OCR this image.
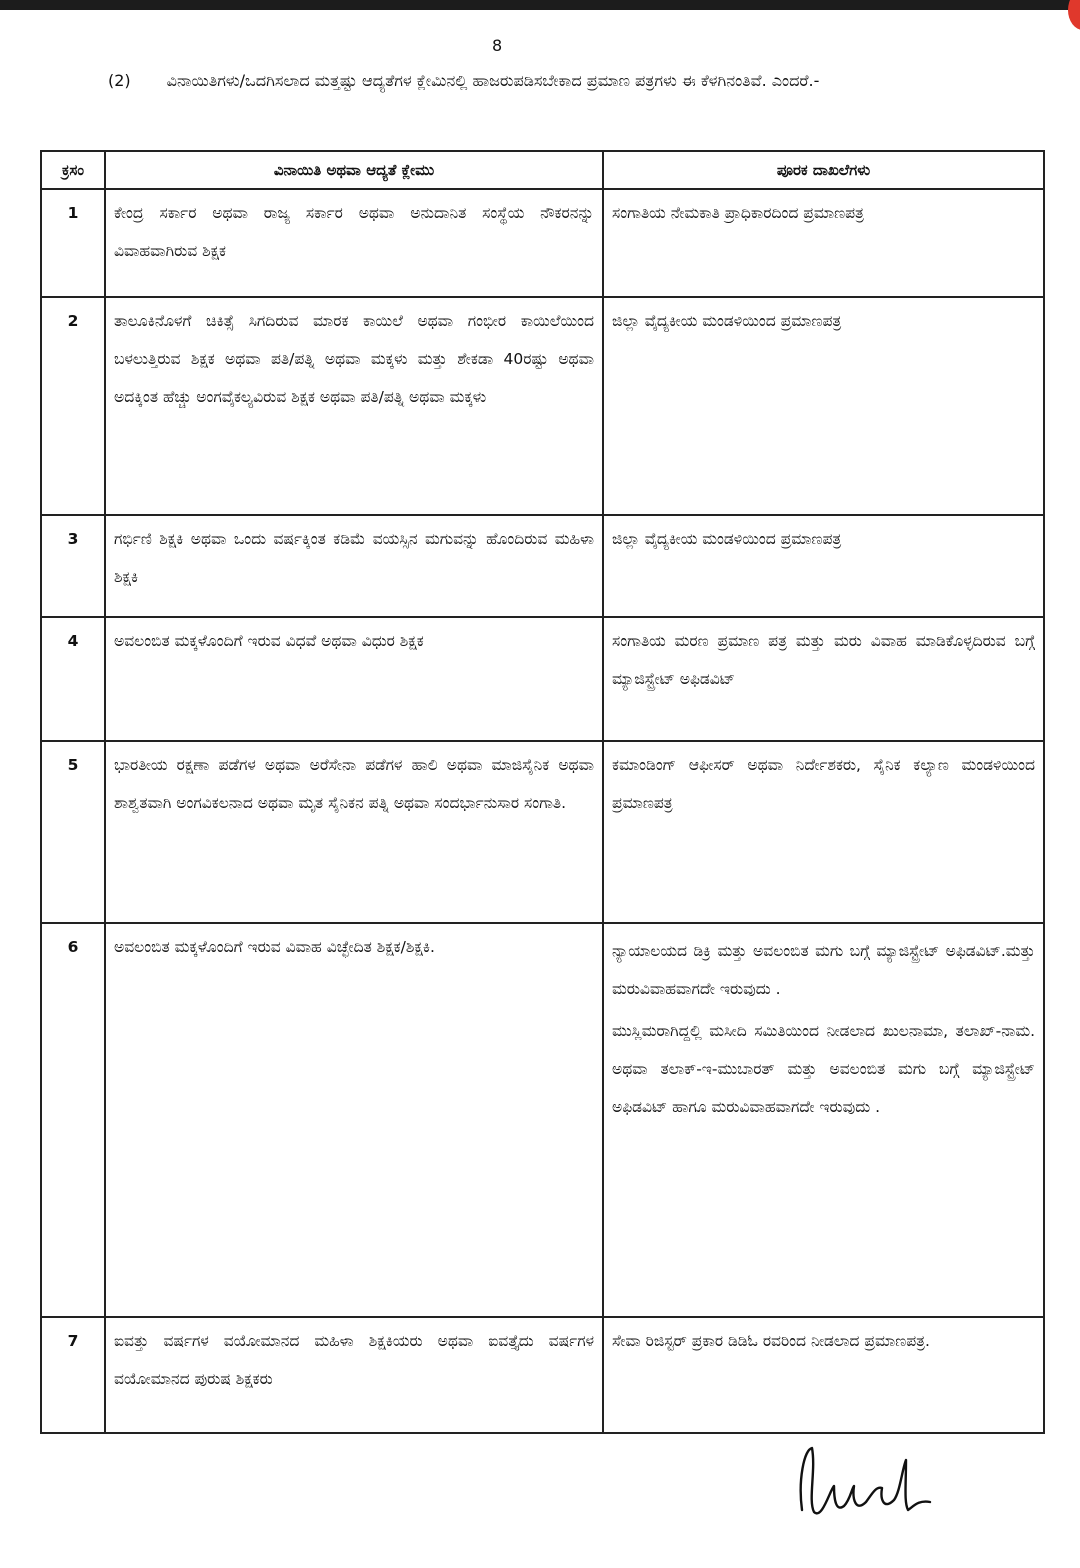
8
(2) ವಿನಾಯಿತಿಗಳು/ಒದಗಿಸಲಾದ ಮತ್ತಷ್ಟು ಆದ್ಯತೆಗಳ ಕ್ಲೇಮಿನಲ್ಲಿ ಹಾಜರುಪಡಿಸಬೇಕಾದ ಪ್ರಮಾಣ ಪತ್ರಗಳು ಈ ಕೆಳಗಿನಂತಿವೆ. ಎಂದರೆ.-
ಕ್ರಸಂ	ವಿನಾಯಿತಿ ಅಥವಾ ಆದ್ಯತೆ ಕ್ಲೇಮು	ಪೂರಕ ದಾಖಲೆಗಳು
1	ಕೇಂದ್ರ ಸರ್ಕಾರ ಅಥವಾ ರಾಜ್ಯ ಸರ್ಕಾರ ಅಥವಾ ಅನುದಾನಿತ ಸಂಸ್ಥೆಯ ನೌಕರನನ್ನು ವಿವಾಹವಾಗಿರುವ ಶಿಕ್ಷಕ	ಸಂಗಾತಿಯ ನೇಮಕಾತಿ ಪ್ರಾಧಿಕಾರದಿಂದ ಪ್ರಮಾಣಪತ್ರ
2	ತಾಲೂಕಿನೊಳಗೆ ಚಿಕಿತ್ಸೆ ಸಿಗದಿರುವ ಮಾರಕ ಕಾಯಿಲೆ ಅಥವಾ ಗಂಭೀರ ಕಾಯಿಲೆಯಿಂದ ಬಳಲುತ್ತಿರುವ ಶಿಕ್ಷಕ ಅಥವಾ ಪತಿ/ಪತ್ನಿ ಅಥವಾ ಮಕ್ಕಳು ಮತ್ತು ಶೇಕಡಾ 40ರಷ್ಟು ಅಥವಾ ಅದಕ್ಕಿಂತ ಹೆಚ್ಚು ಅಂಗವೈಕಲ್ಯವಿರುವ ಶಿಕ್ಷಕ ಅಥವಾ ಪತಿ/ಪತ್ನಿ ಅಥವಾ ಮಕ್ಕಳು	ಜಿಲ್ಲಾ ವೈದ್ಯಕೀಯ ಮಂಡಳಿಯಿಂದ ಪ್ರಮಾಣಪತ್ರ
3	ಗರ್ಭಿಣಿ ಶಿಕ್ಷಕಿ ಅಥವಾ ಒಂದು ವರ್ಷಕ್ಕಿಂತ ಕಡಿಮೆ ವಯಸ್ಸಿನ ಮಗುವನ್ನು ಹೊಂದಿರುವ ಮಹಿಳಾ ಶಿಕ್ಷಕಿ	ಜಿಲ್ಲಾ ವೈದ್ಯಕೀಯ ಮಂಡಳಿಯಿಂದ ಪ್ರಮಾಣಪತ್ರ
4	ಅವಲಂಬಿತ ಮಕ್ಕಳೊಂದಿಗೆ ಇರುವ ವಿಧವೆ ಅಥವಾ ವಿಧುರ ಶಿಕ್ಷಕ	ಸಂಗಾತಿಯ ಮರಣ ಪ್ರಮಾಣ ಪತ್ರ ಮತ್ತು ಮರು ವಿವಾಹ ಮಾಡಿಕೊಳ್ಳದಿರುವ ಬಗ್ಗೆ ಮ್ಯಾಜಿಸ್ಟ್ರೇಟ್ ಅಫಿಡವಿಟ್
5	ಭಾರತೀಯ ರಕ್ಷಣಾ ಪಡೆಗಳ ಅಥವಾ ಅರೆಸೇನಾ ಪಡೆಗಳ ಹಾಲಿ ಅಥವಾ ಮಾಜಿಸೈನಿಕ ಅಥವಾ ಶಾಶ್ವತವಾಗಿ ಅಂಗವಿಕಲನಾದ ಅಥವಾ ಮೃತ ಸೈನಿಕನ ಪತ್ನಿ ಅಥವಾ ಸಂದರ್ಭಾನುಸಾರ ಸಂಗಾತಿ.	ಕಮಾಂಡಿಂಗ್ ಆಫೀಸರ್ ಅಥವಾ ನಿರ್ದೇಶಕರು, ಸೈನಿಕ ಕಲ್ಯಾಣ ಮಂಡಳಿಯಿಂದ ಪ್ರಮಾಣಪತ್ರ
6	ಅವಲಂಬಿತ ಮಕ್ಕಳೊಂದಿಗೆ ಇರುವ ವಿವಾಹ ವಿಚ್ಛೇದಿತ ಶಿಕ್ಷಕ/ಶಿಕ್ಷಕಿ.	ನ್ಯಾಯಾಲಯದ ಡಿಕ್ರಿ ಮತ್ತು ಅವಲಂಬಿತ ಮಗು ಬಗ್ಗೆ ಮ್ಯಾಜಿಸ್ಟ್ರೇಟ್ ಅಫಿಡವಿಟ್.ಮತ್ತು ಮರುವಿವಾಹವಾಗದೇ ಇರುವುದು .
ಮುಸ್ಲಿಮರಾಗಿದ್ದಲ್ಲಿ ಮಸೀದಿ ಸಮಿತಿಯಿಂದ ನೀಡಲಾದ ಖುಲನಾಮಾ, ತಲಾಖ್-ನಾಮ. ಅಥವಾ ತಲಾಕ್-ಇ-ಮುಬಾರತ್ ಮತ್ತು ಅವಲಂಬಿತ ಮಗು ಬಗ್ಗೆ ಮ್ಯಾಜಿಸ್ಟ್ರೇಟ್ ಅಫಿಡವಿಟ್ ಹಾಗೂ ಮರುವಿವಾಹವಾಗದೇ ಇರುವುದು .

7	ಐವತ್ತು ವರ್ಷಗಳ ವಯೋಮಾನದ ಮಹಿಳಾ ಶಿಕ್ಷಕಿಯರು ಅಥವಾ ಐವತ್ತೈದು ವರ್ಷಗಳ ವಯೋಮಾನದ ಪುರುಷ ಶಿಕ್ಷಕರು	ಸೇವಾ ರಿಜಿಸ್ಟರ್ ಪ್ರಕಾರ ಡಿಡಿಓ ರವರಿಂದ ನೀಡಲಾದ ಪ್ರಮಾಣಪತ್ರ.
